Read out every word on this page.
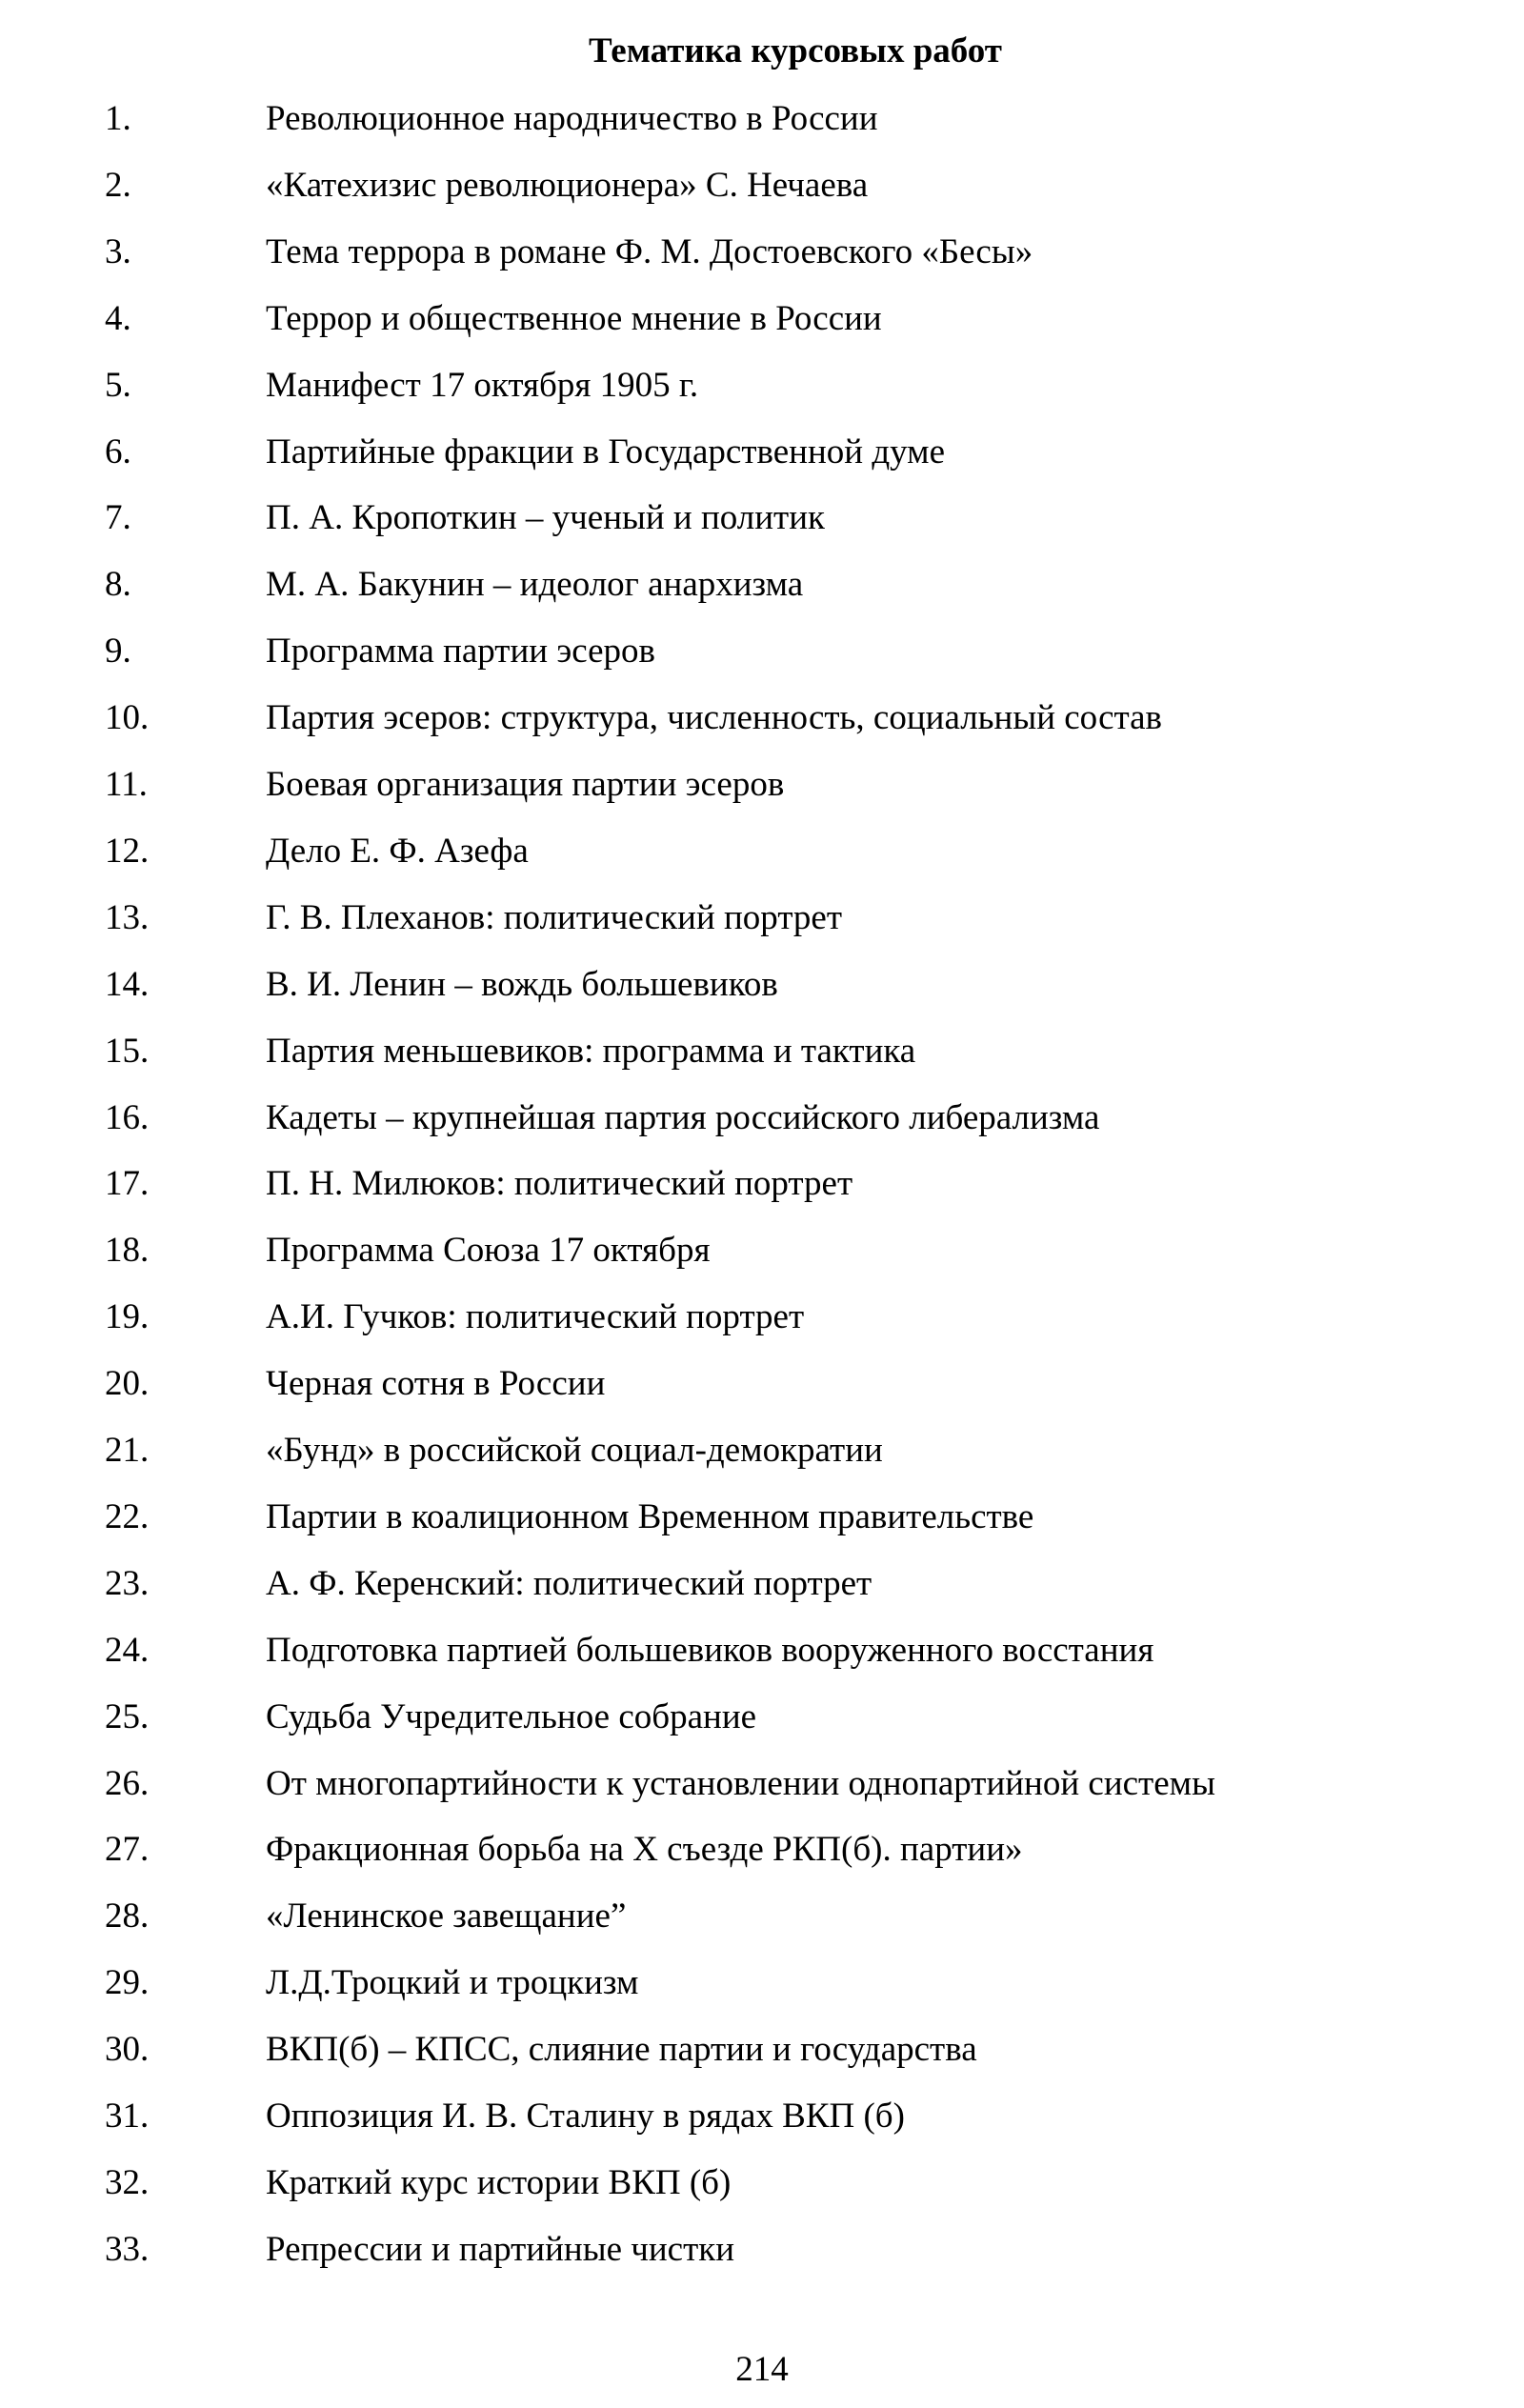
Тематика курсовых работ
1.	Революционное народничество в России
2.	«Катехизис революционера» С. Нечаева
3.	Тема террора в романе Ф. М. Достоевского «Бесы»
4.	Террор и общественное мнение в России
5.	Манифест 17 октября 1905 г.
6.	Партийные фракции в Государственной думе
7.	П. А. Кропоткин – ученый и политик
8.	М. А. Бакунин – идеолог анархизма
9.	Программа партии эсеров
10.	Партия эсеров: структура, численность, социальный состав
11.	Боевая организация партии эсеров
12.	Дело Е. Ф. Азефа
13.	Г. В. Плеханов: политический портрет
14.	В. И. Ленин – вождь большевиков
15.	Партия меньшевиков: программа и тактика
16.	Кадеты – крупнейшая партия российского либерализма
17.	П. Н. Милюков: политический портрет
18.	Программа Союза 17 октября
19.	А.И. Гучков: политический портрет
20.	Черная сотня в России
21.	«Бунд» в российской социал-демократии
22.	Партии в коалиционном Временном правительстве
23.	А. Ф. Керенский: политический портрет
24.	Подготовка партией большевиков вооруженного восстания
25.	Судьба Учредительное собрание
26.	От многопартийности к установлении однопартийной системы
27.	Фракционная борьба на Х съезде РКП(б). партии»
28.	«Ленинское завещание”
29.	Л.Д.Троцкий и троцкизм
30.	ВКП(б) – КПСС, слияние партии и государства
31.	Оппозиция И. В. Сталину в рядах ВКП (б)
32.	Краткий курс истории ВКП (б)
33.	Репрессии и партийные чистки
214
